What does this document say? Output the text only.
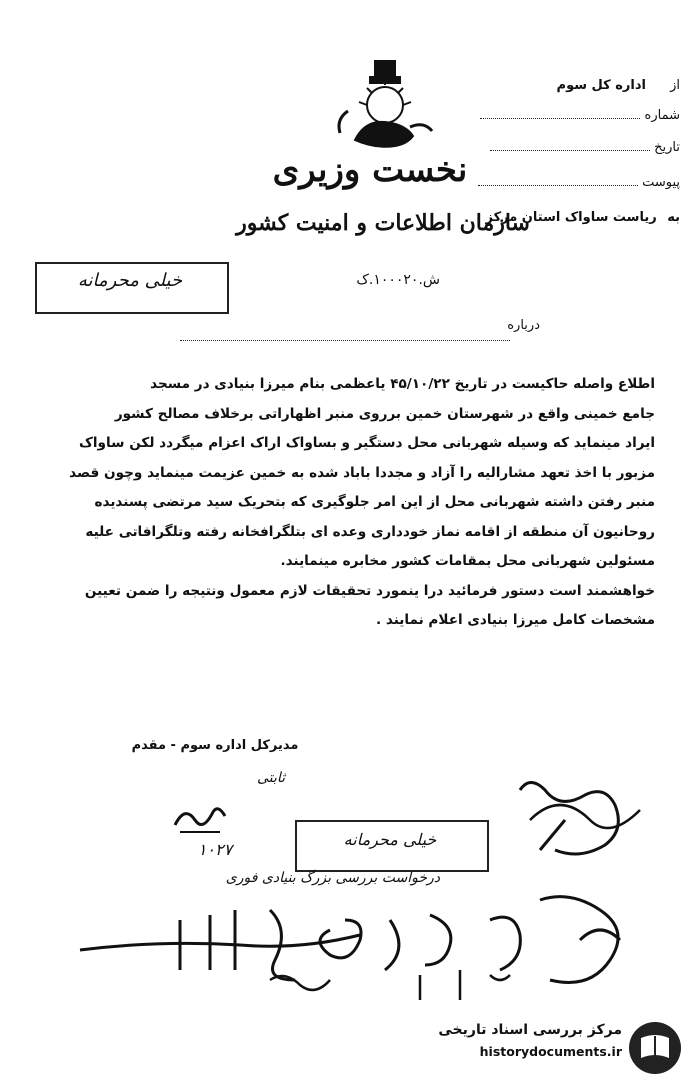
نخست وزیری
سازمان اطلاعات و امنیت کشور
ش.۱۰۰۰۲۰.ک
از اداره کل سوم
شماره
تاریخ
پیوست
به ریاست ساواک استان مرکز
خیلی محرمانه
درباره

اطلاع واصله حاکیست در تاریخ ۴۵/۱۰/۲۲ یاعظمی بنام میرزا بنیادی در مسجد

جامع خمینی واقع در شهرستان خمین برروی منبر اظهاراتی برخلاف مصالح کشور

ایراد مینماید که وسیله شهربانی محل دستگیر و بساواک اراک اعزام میگردد لکن ساواک

مزبور با اخذ تعهد مشارالیه را آزاد و مجددا باباد شده به خمین عزیمت مینماید وچون قصد

منبر رفتن داشته شهربانی محل از این امر جلوگیری که بتحریک سید مرتضی پسندیده

روحانیون آن منطقه از اقامه نماز خودداری وعده ای بتلگرافخانه رفته وتلگرافاتی علیه

مسئولین شهربانی محل بمقامات کشور مخابره مینمایند.

خواهشمند است دستور فرمائید درا ینمورد تحقیقات لازم معمول ونتیجه را ضمن تعیین

مشخصات کامل میرزا بنیادی اعلام نمایند .

مدیرکل اداره سوم - مقدم
ثابتی
۱۰۲۷
خیلی محرمانه
درخواست بررسی بزرگ بنیادی فوری
مرکز بررسی اسناد تاریخی
historydocuments.ir
